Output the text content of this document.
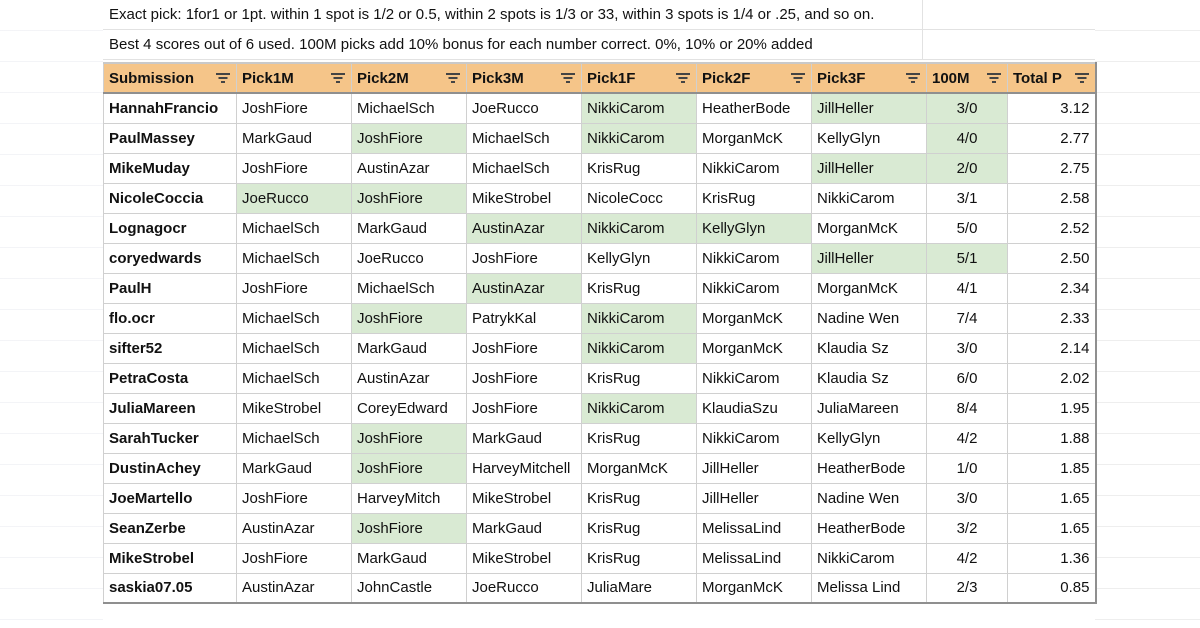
Exact pick: 1for1 or 1pt. within 1 spot is 1/2 or 0.5, within 2 spots is 1/3 or 33, within 3 spots is 1/4 or .25, and so on.
Best 4 scores out of 6 used. 100M picks add 10% bonus for each number correct. 0%, 10% or 20% added
Submission	Pick1M	Pick2M	Pick3M	Pick1F	Pick2F	Pick3F	100M	Total P

HannahFrancio	JoshFiore	MichaelSch	JoeRucco	NikkiCarom	HeatherBode	JillHeller	3/0	3.12
PaulMassey	MarkGaud	JoshFiore	MichaelSch	NikkiCarom	MorganMcK	KellyGlyn	4/0	2.77
MikeMuday	JoshFiore	AustinAzar	MichaelSch	KrisRug	NikkiCarom	JillHeller	2/0	2.75
NicoleCoccia	JoeRucco	JoshFiore	MikeStrobel	NicoleCocc	KrisRug	NikkiCarom	3/1	2.58
Lognagocr	MichaelSch	MarkGaud	AustinAzar	NikkiCarom	KellyGlyn	MorganMcK	5/0	2.52
coryedwards	MichaelSch	JoeRucco	JoshFiore	KellyGlyn	NikkiCarom	JillHeller	5/1	2.50
PaulH	JoshFiore	MichaelSch	AustinAzar	KrisRug	NikkiCarom	MorganMcK	4/1	2.34
flo.ocr	MichaelSch	JoshFiore	PatrykKal	NikkiCarom	MorganMcK	Nadine Wen	7/4	2.33
sifter52	MichaelSch	MarkGaud	JoshFiore	NikkiCarom	MorganMcK	Klaudia Sz	3/0	2.14
PetraCosta	MichaelSch	AustinAzar	JoshFiore	KrisRug	NikkiCarom	Klaudia Sz	6/0	2.02
JuliaMareen	MikeStrobel	CoreyEdward	JoshFiore	NikkiCarom	KlaudiaSzu	JuliaMareen	8/4	1.95
SarahTucker	MichaelSch	JoshFiore	MarkGaud	KrisRug	NikkiCarom	KellyGlyn	4/2	1.88
DustinAchey	MarkGaud	JoshFiore	HarveyMitchell	MorganMcK	JillHeller	HeatherBode	1/0	1.85
JoeMartello	JoshFiore	HarveyMitch	MikeStrobel	KrisRug	JillHeller	Nadine Wen	3/0	1.65
SeanZerbe	AustinAzar	JoshFiore	MarkGaud	KrisRug	MelissaLind	HeatherBode	3/2	1.65
MikeStrobel	JoshFiore	MarkGaud	MikeStrobel	KrisRug	MelissaLind	NikkiCarom	4/2	1.36
saskia07.05	AustinAzar	JohnCastle	JoeRucco	JuliaMare	MorganMcK	Melissa Lind	2/3	0.85
